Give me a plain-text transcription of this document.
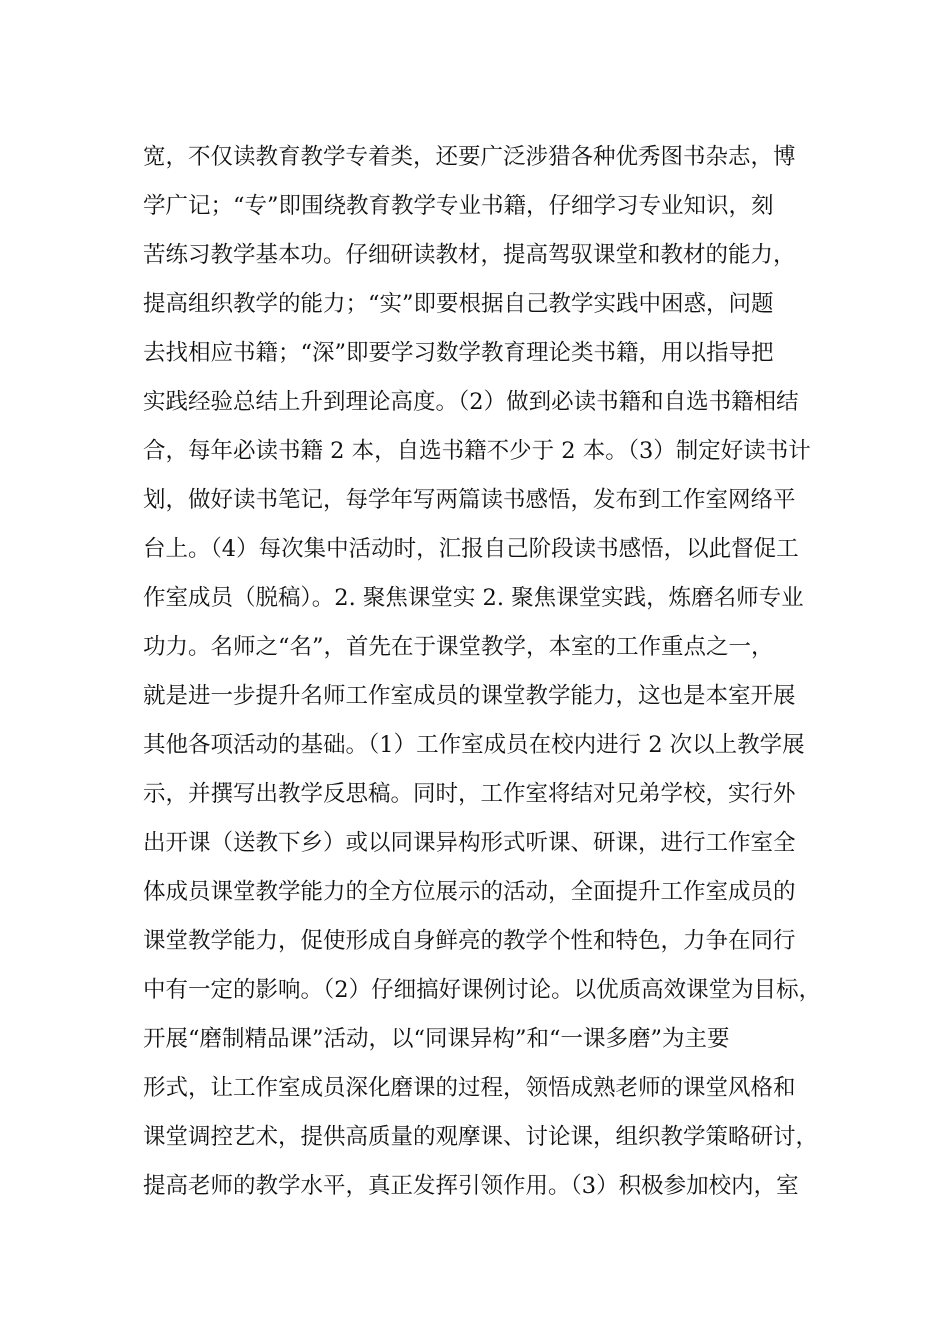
宽，不仅读教育教学专着类，还要广泛涉猎各种优秀图书杂志，博
学广记；“专”即围绕教育教学专业书籍，仔细学习专业知识，刻
苦练习教学基本功。仔细研读教材，提高驾驭课堂和教材的能力，
提高组织教学的能力；“实”即要根据自己教学实践中困惑，问题
去找相应书籍；“深”即要学习数学教育理论类书籍，用以指导把
实践经验总结上升到理论高度。（2）做到必读书籍和自选书籍相结
合，每年必读书籍 2 本，自选书籍不少于 2 本。（3）制定好读书计
划，做好读书笔记，每学年写两篇读书感悟，发布到工作室网络平
台上。（4）每次集中活动时，汇报自己阶段读书感悟，以此督促工
作室成员（脱稿）。2. 聚焦课堂实 2. 聚焦课堂实践，炼磨名师专业
功力。名师之“名”，首先在于课堂教学，本室的工作重点之一，
就是进一步提升名师工作室成员的课堂教学能力，这也是本室开展
其他各项活动的基础。（1）工作室成员在校内进行 2 次以上教学展
示，并撰写出教学反思稿。同时，工作室将结对兄弟学校，实行外
出开课（送教下乡）或以同课异构形式听课、研课，进行工作室全
体成员课堂教学能力的全方位展示的活动，全面提升工作室成员的
课堂教学能力，促使形成自身鲜亮的教学个性和特色，力争在同行
中有一定的影响。（2）仔细搞好课例讨论。以优质高效课堂为目标，
开展“磨制精品课”活动，以“同课异构”和“一课多磨”为主要
形式，让工作室成员深化磨课的过程，领悟成熟老师的课堂风格和
课堂调控艺术，提供高质量的观摩课、讨论课，组织教学策略研讨，
提高老师的教学水平，真正发挥引领作用。（3）积极参加校内，室
